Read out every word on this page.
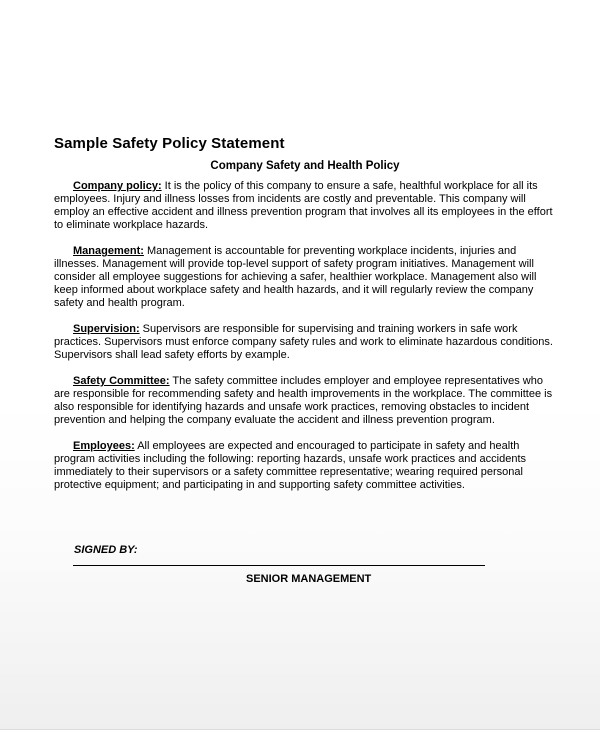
Sample Safety Policy Statement
Company Safety and Health Policy

Company policy: It is the policy of this company to ensure a safe, healthful workplace for all its employees. Injury and illness losses from incidents are costly and preventable. This company will employ an effective accident and illness prevention program that involves all its employees in the effort to eliminate workplace hazards.

Management: Management is accountable for preventing workplace incidents, injuries and illnesses. Management will provide top-level support of safety program initiatives. Management will consider all employee suggestions for achieving a safer, healthier workplace. Management also will keep informed about workplace safety and health hazards, and it will regularly review the company safety and health program.

Supervision: Supervisors are responsible for supervising and training workers in safe work practices. Supervisors must enforce company safety rules and work to eliminate hazardous conditions. Supervisors shall lead safety efforts by example.

Safety Committee: The safety committee includes employer and employee representatives who are responsible for recommending safety and health improvements in the workplace. The committee is also responsible for identifying hazards and unsafe work practices, removing obstacles to incident prevention and helping the company evaluate the accident and illness prevention program.

Employees: All employees are expected and encouraged to participate in safety and health program activities including the following: reporting hazards, unsafe work practices and accidents immediately to their supervisors or a safety committee representative; wearing required personal protective equipment; and participating in and supporting safety committee activities.

SIGNED BY:

SENIOR MANAGEMENT
